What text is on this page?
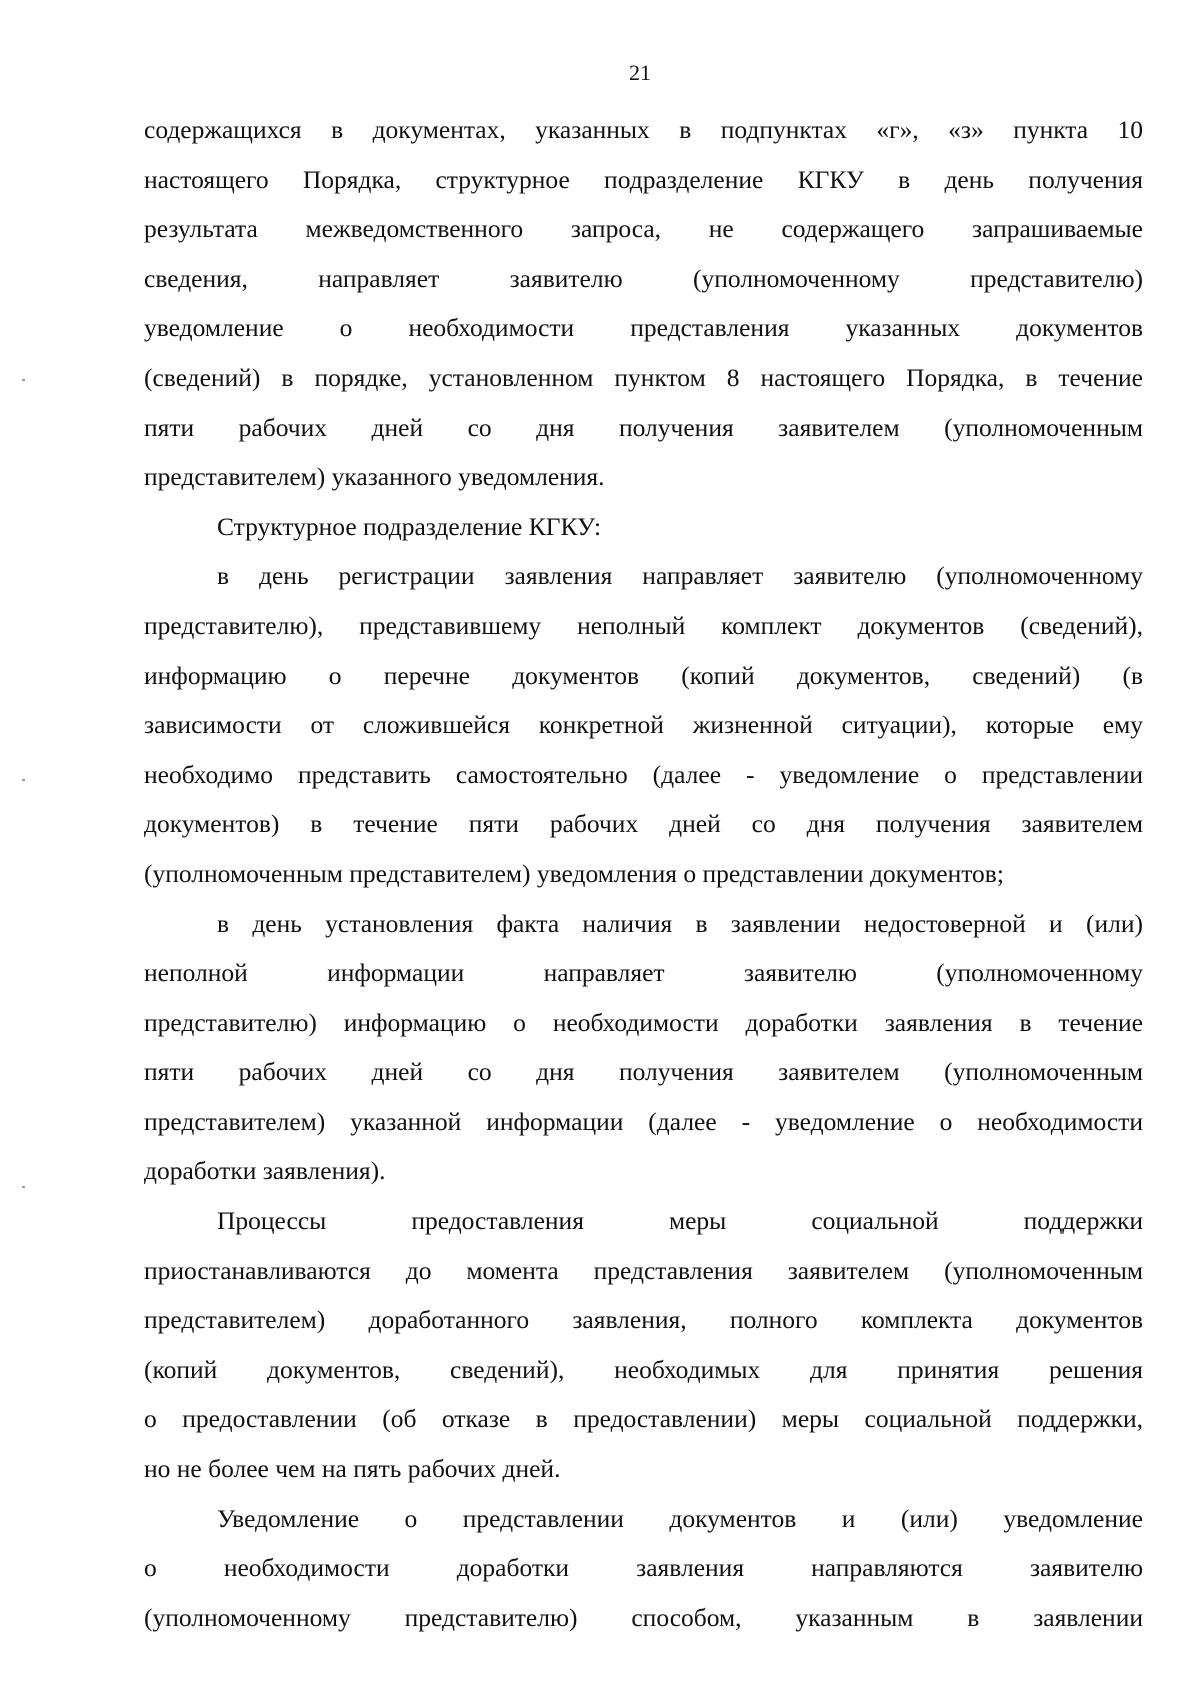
21
содержащихся в документах, указанных в подпунктах «г», «з» пункта 10
настоящего Порядка, структурное подразделение КГКУ в день получения
результата межведомственного запроса, не содержащего запрашиваемые
сведения, направляет заявителю (уполномоченному представителю)
уведомление о необходимости представления указанных документов
(сведений) в порядке, установленном пунктом 8 настоящего Порядка, в течение
пяти рабочих дней со дня получения заявителем (уполномоченным
представителем) указанного уведомления.
Структурное подразделение КГКУ:
в день регистрации заявления направляет заявителю (уполномоченному
представителю), представившему неполный комплект документов (сведений),
информацию о перечне документов (копий документов, сведений) (в
зависимости от сложившейся конкретной жизненной ситуации), которые ему
необходимо представить самостоятельно (далее - уведомление о представлении
документов) в течение пяти рабочих дней со дня получения заявителем
(уполномоченным представителем) уведомления о представлении документов;
в день установления факта наличия в заявлении недостоверной и (или)
неполной информации направляет заявителю (уполномоченному
представителю) информацию о необходимости доработки заявления в течение
пяти рабочих дней со дня получения заявителем (уполномоченным
представителем) указанной информации (далее - уведомление о необходимости
доработки заявления).
Процессы предоставления меры социальной поддержки
приостанавливаются до момента представления заявителем (уполномоченным
представителем) доработанного заявления, полного комплекта документов
(копий документов, сведений), необходимых для принятия решения
о предоставлении (об отказе в предоставлении) меры социальной поддержки,
но не более чем на пять рабочих дней.
Уведомление о представлении документов и (или) уведомление
о необходимости доработки заявления направляются заявителю
(уполномоченному представителю) способом, указанным в заявлении
